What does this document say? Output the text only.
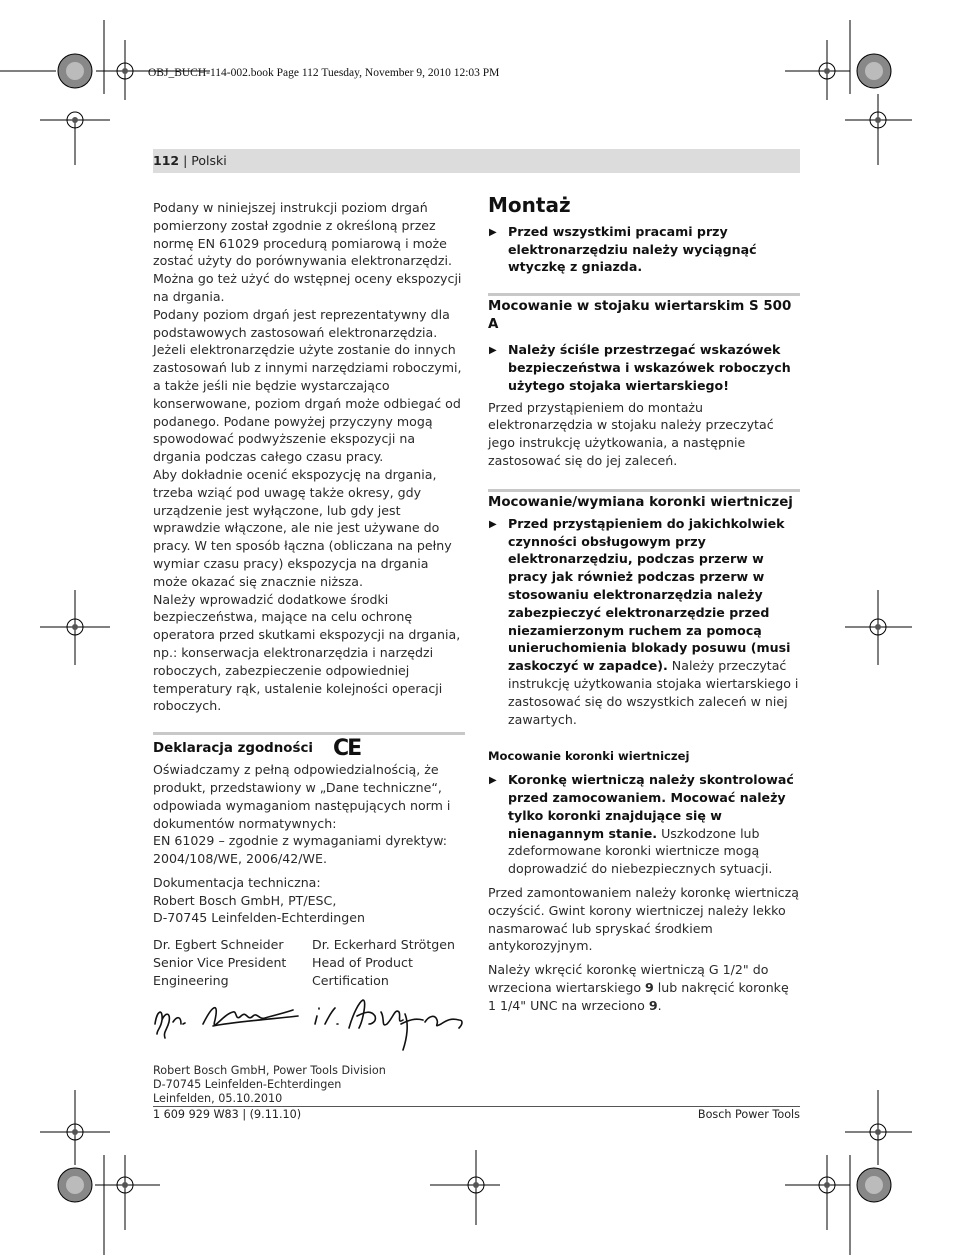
OBJ_BUCH-114-002.book Page 112 Tuesday, November 9, 2010 12:03 PM
112 | Polski

Podany w niniejszej instrukcji poziom drgań pomierzony został zgodnie z określoną przez normę EN 61029 procedurą pomiarową i może zostać użyty do porównywania elektronarzędzi. Można go też użyć do wstępnej oceny ekspozycji na drgania.

Podany poziom drgań jest reprezentatywny dla podstawowych zastosowań elektronarzędzia. Jeżeli elektronarzędzie użyte zostanie do innych zastosowań lub z innymi narzędziami roboczymi, a także jeśli nie będzie wystarczająco konserwowane, poziom drgań może odbiegać od podanego. Podane powyżej przyczyny mogą spowodować podwyższenie ekspozycji na drgania podczas całego czasu pracy.

Aby dokładnie ocenić ekspozycję na drgania, trzeba wziąć pod uwagę także okresy, gdy urządzenie jest wyłączone, lub gdy jest wprawdzie włączone, ale nie jest używane do pracy. W ten sposób łączna (obliczana na pełny wymiar czasu pracy) ekspozycja na drgania może okazać się znacznie niższa.

Należy wprowadzić dodatkowe środki bezpieczeństwa, mające na celu ochronę operatora przed skutkami ekspozycji na drgania, np.: konserwacja elektronarzędzia i narzędzi roboczych, zabezpieczenie odpowiedniej temperatury rąk, ustalenie kolejności operacji roboczych.

Deklaracja zgodności CE

Oświadczamy z pełną odpowiedzialnością, że produkt, przedstawiony w „Dane techniczne“, odpowiada wymaganiom następujących norm i dokumentów normatywnych:

EN 61029 – zgodnie z wymaganiami dyrektyw: 2004/108/WE, 2006/42/WE.

Dokumentacja techniczna:

Robert Bosch GmbH, PT/ESC,

D-70745 Leinfelden-Echterdingen

Dr. Egbert Schneider

Senior Vice President

Engineering

Dr. Eckerhard Strötgen

Head of Product

Certification

Robert Bosch GmbH, Power Tools Division

D-70745 Leinfelden-Echterdingen

Leinfelden, 05.10.2010

Montaż
▶ Przed wszystkimi pracami przy elektronarzędziu należy wyciągnąć wtyczkę z gniazda.
Mocowanie w stojaku wiertarskim S 500 A
▶ Należy ściśle przestrzegać wskazówek bezpieczeństwa i wskazówek roboczych użytego stojaka wiertarskiego!

Przed przystąpieniem do montażu elektronarzędzia w stojaku należy przeczytać jego instrukcję użytkowania, a następnie zastosować się do jej zaleceń.

Mocowanie/wymiana koronki wiertniczej
▶ Przed przystąpieniem do jakichkolwiek czynności obsługowym przy elektronarzędziu, podczas przerw w pracy jak również podczas przerw w stosowaniu elektronarzędzia należy zabezpieczyć elektronarzędzie przed niezamierzonym ruchem za pomocą unieruchomienia blokady posuwu (musi zaskoczyć w zapadce). Należy przeczytać instrukcję użytkowania stojaka wiertarskiego i zastosować się do wszystkich zaleceń w niej zawartych.
Mocowanie koronki wiertniczej
▶ Koronkę wiertniczą należy skontrolować przed zamocowaniem. Mocować należy tylko koronki znajdujące się w nienagannym stanie. Uszkodzone lub zdeformowane koronki wiertnicze mogą doprowadzić do niebezpiecznych sytuacji.

Przed zamontowaniem należy koronkę wiertniczą oczyścić. Gwint korony wiertniczej należy lekko nasmarować lub spryskać środkiem antykorozyjnym.

Należy wkręcić koronkę wiertniczą G 1/2" do wrzeciona wiertarskiego 9 lub nakręcić koronkę 1 1/4" UNC na wrzeciono 9.

1 609 929 W83 | (9.11.10)	Bosch Power Tools
